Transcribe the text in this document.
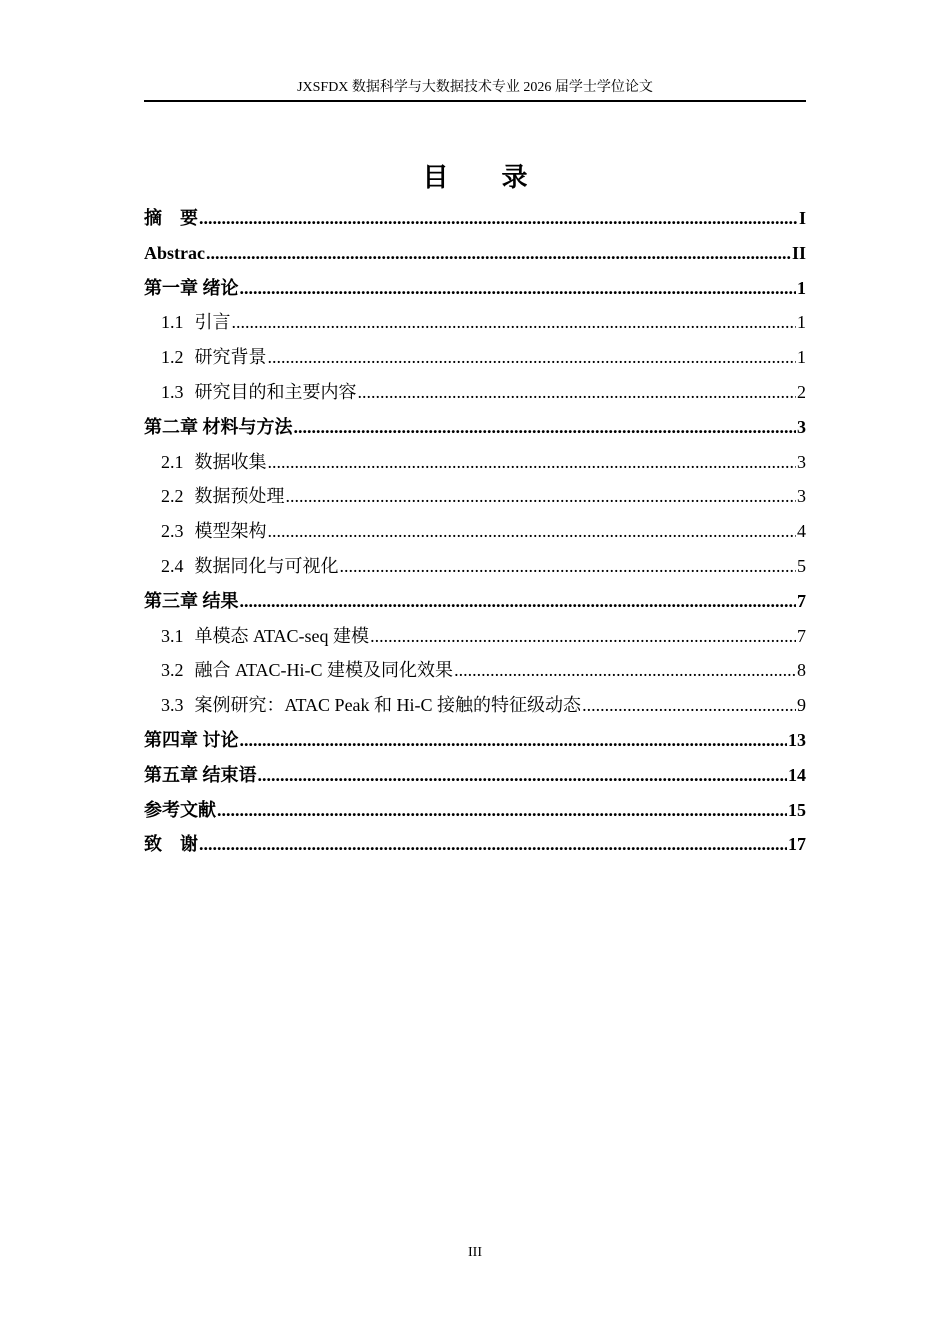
JXSFDX 数据科学与大数据技术专业 2026 届学士学位论文
目 录
摘　要 .....	I
Abstrac .....	II
第一章 绪论 .....	1
1.1 引言 .....	1
1.2 研究背景 .....	1
1.3 研究目的和主要内容 .....	2
第二章 材料与方法 .....	3
2.1 数据收集 .....	3
2.2 数据预处理 .....	3
2.3 模型架构 .....	4
2.4 数据同化与可视化 .....	5
第三章 结果 .....	7
3.1 单模态 ATAC-seq 建模 .....	7
3.2 融合 ATAC-Hi-C 建模及同化效果 .....	8
3.3 案例研究：ATAC Peak 和 Hi-C 接触的特征级动态 .....	9
第四章 讨论 .....	13
第五章 结束语 .....	14
参考文献 .....	15
致　谢 .....	17
III
